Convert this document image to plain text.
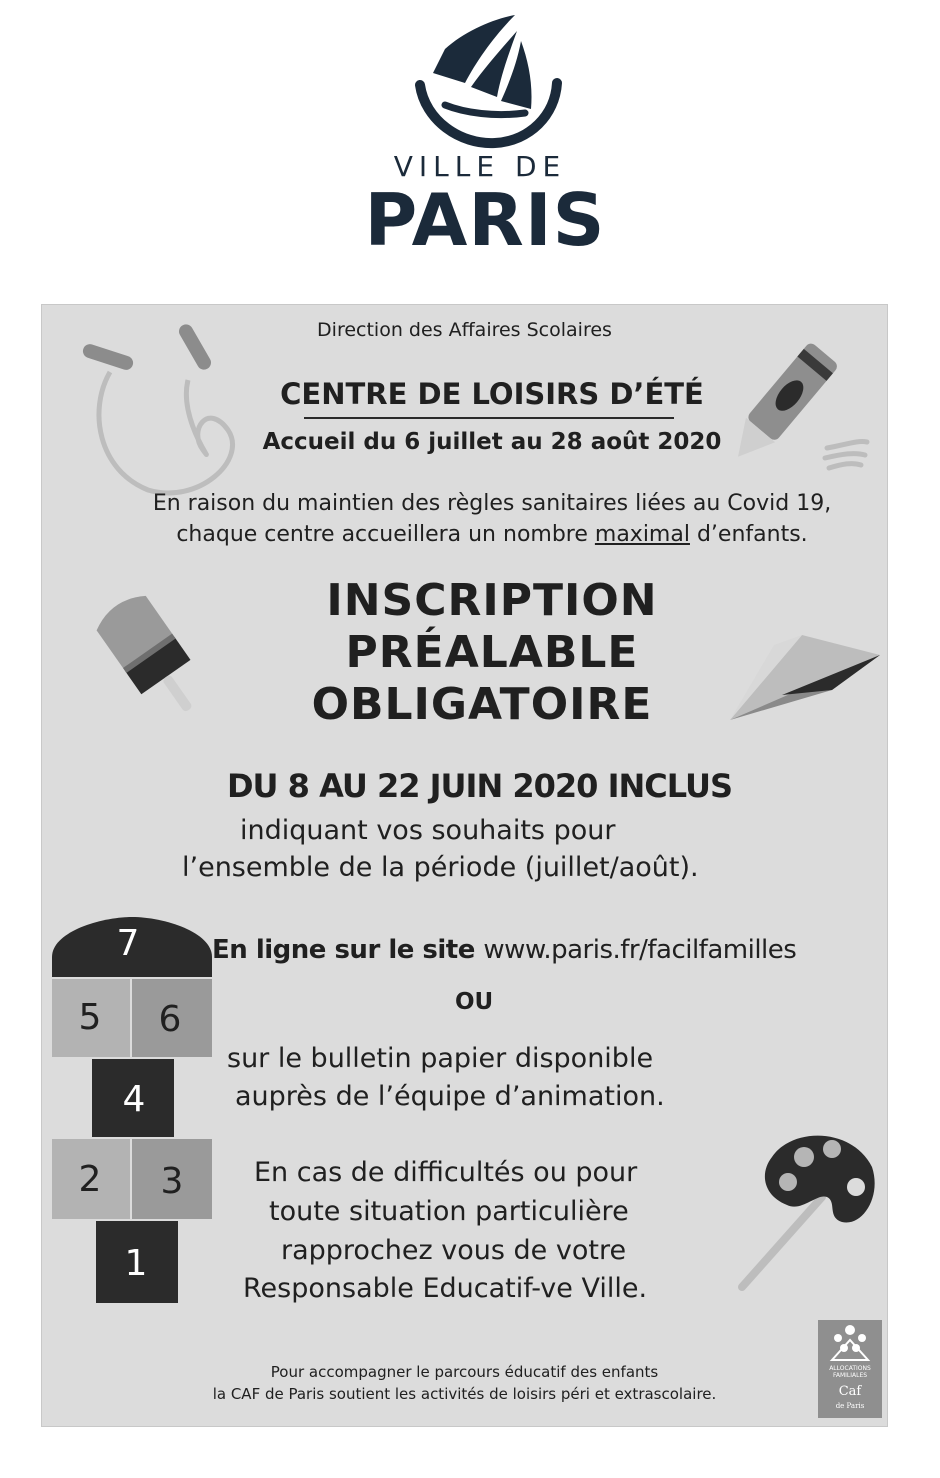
VILLE DE
PARIS
Direction des Affaires Scolaires
CENTRE DE LOISIRS D’ÉTÉ
Accueil du 6 juillet au 28 août 2020
En raison du maintien des règles sanitaires liées au Covid 19,
chaque centre accueillera un nombre maximal d’enfants.
INSCRIPTION
PRÉALABLE
OBLIGATOIRE
DU 8 AU 22 JUIN 2020 INCLUS
indiquant vos souhaits pour
l’ensemble de la période (juillet/août).
7
5 6
4
2 3
1
En ligne sur le site www.paris.fr/facilfamilles
OU
sur le bulletin papier disponible
auprès de l’équipe d’animation.
En cas de difficultés ou pour
toute situation particulière
rapprochez vous de votre
Responsable Educatif-ve Ville.
ALLOCATIONS
FAMILIALES
Caf
de Paris
Pour accompagner le parcours éducatif des enfants
la CAF de Paris soutient les activités de loisirs péri et extrascolaire.
